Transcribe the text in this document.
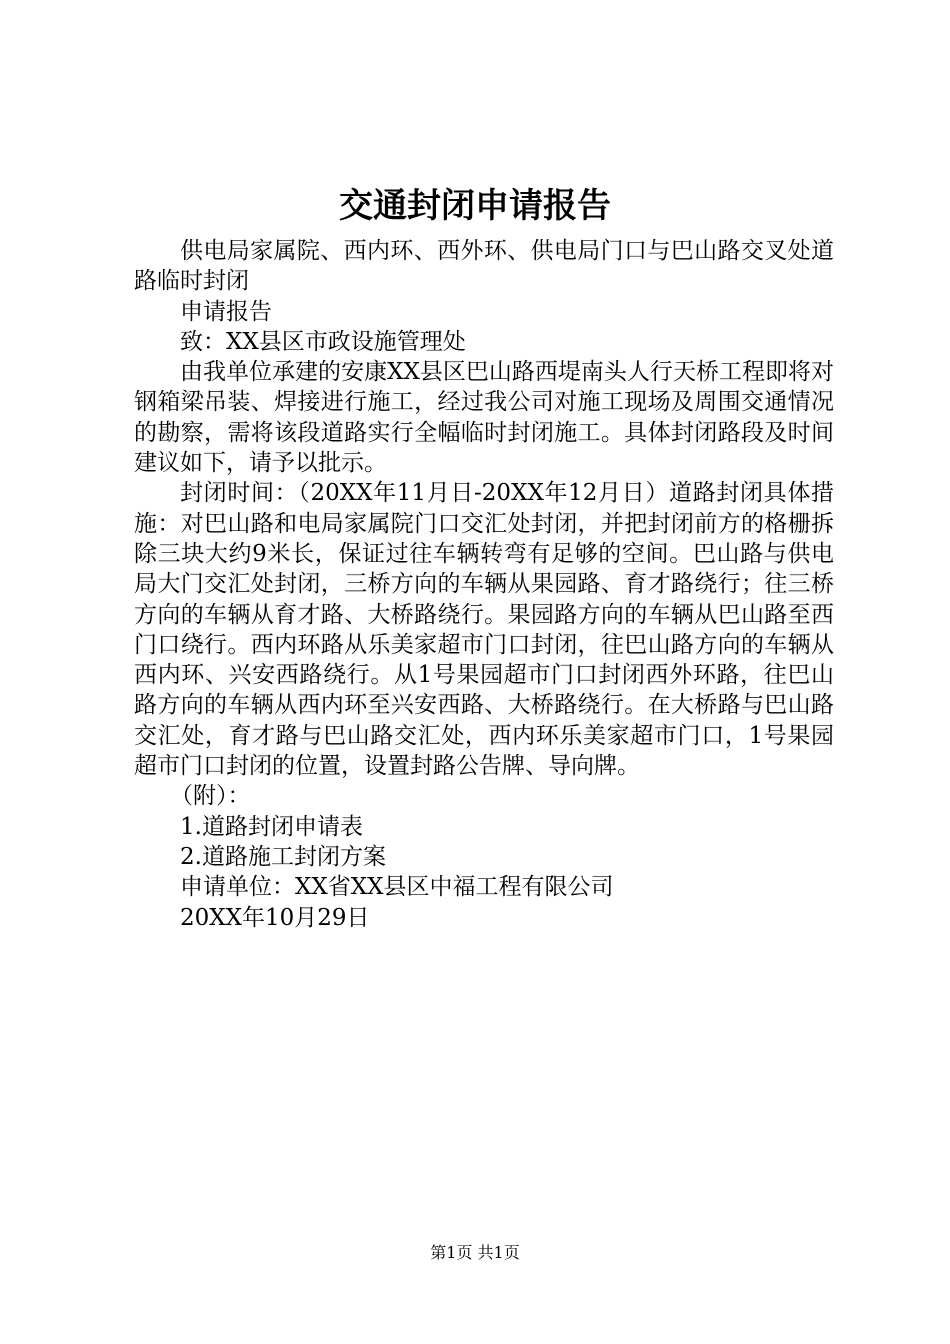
交通封闭申请报告

供电局家属院、西内环、西外环、供电局门口与巴山路交叉处道路临时封闭

申请报告

致：XX县区市政设施管理处

由我单位承建的安康XX县区巴山路西堤南头人行天桥工程即将对钢箱梁吊装、焊接进行施工，经过我公司对施工现场及周围交通情况的勘察，需将该段道路实行全幅临时封闭施工。具体封闭路段及时间建议如下，请予以批示。

封闭时间：（20XX年11月日-20XX年12月日）道路封闭具体措施：对巴山路和电局家属院门口交汇处封闭，并把封闭前方的格栅拆除三块大约9米长，保证过往车辆转弯有足够的空间。巴山路与供电局大门交汇处封闭，三桥方向的车辆从果园路、育才路绕行；往三桥方向的车辆从育才路、大桥路绕行。果园路方向的车辆从巴山路至西门口绕行。西内环路从乐美家超市门口封闭，往巴山路方向的车辆从西内环、兴安西路绕行。从1号果园超市门口封闭西外环路，往巴山路方向的车辆从西内环至兴安西路、大桥路绕行。在大桥路与巴山路交汇处，育才路与巴山路交汇处，西内环乐美家超市门口，1号果园超市门口封闭的位置，设置封路公告牌、导向牌。

（附）：

1.道路封闭申请表

2.道路施工封闭方案

申请单位：XX省XX县区中福工程有限公司

20XX年10月29日

第1页 共1页
